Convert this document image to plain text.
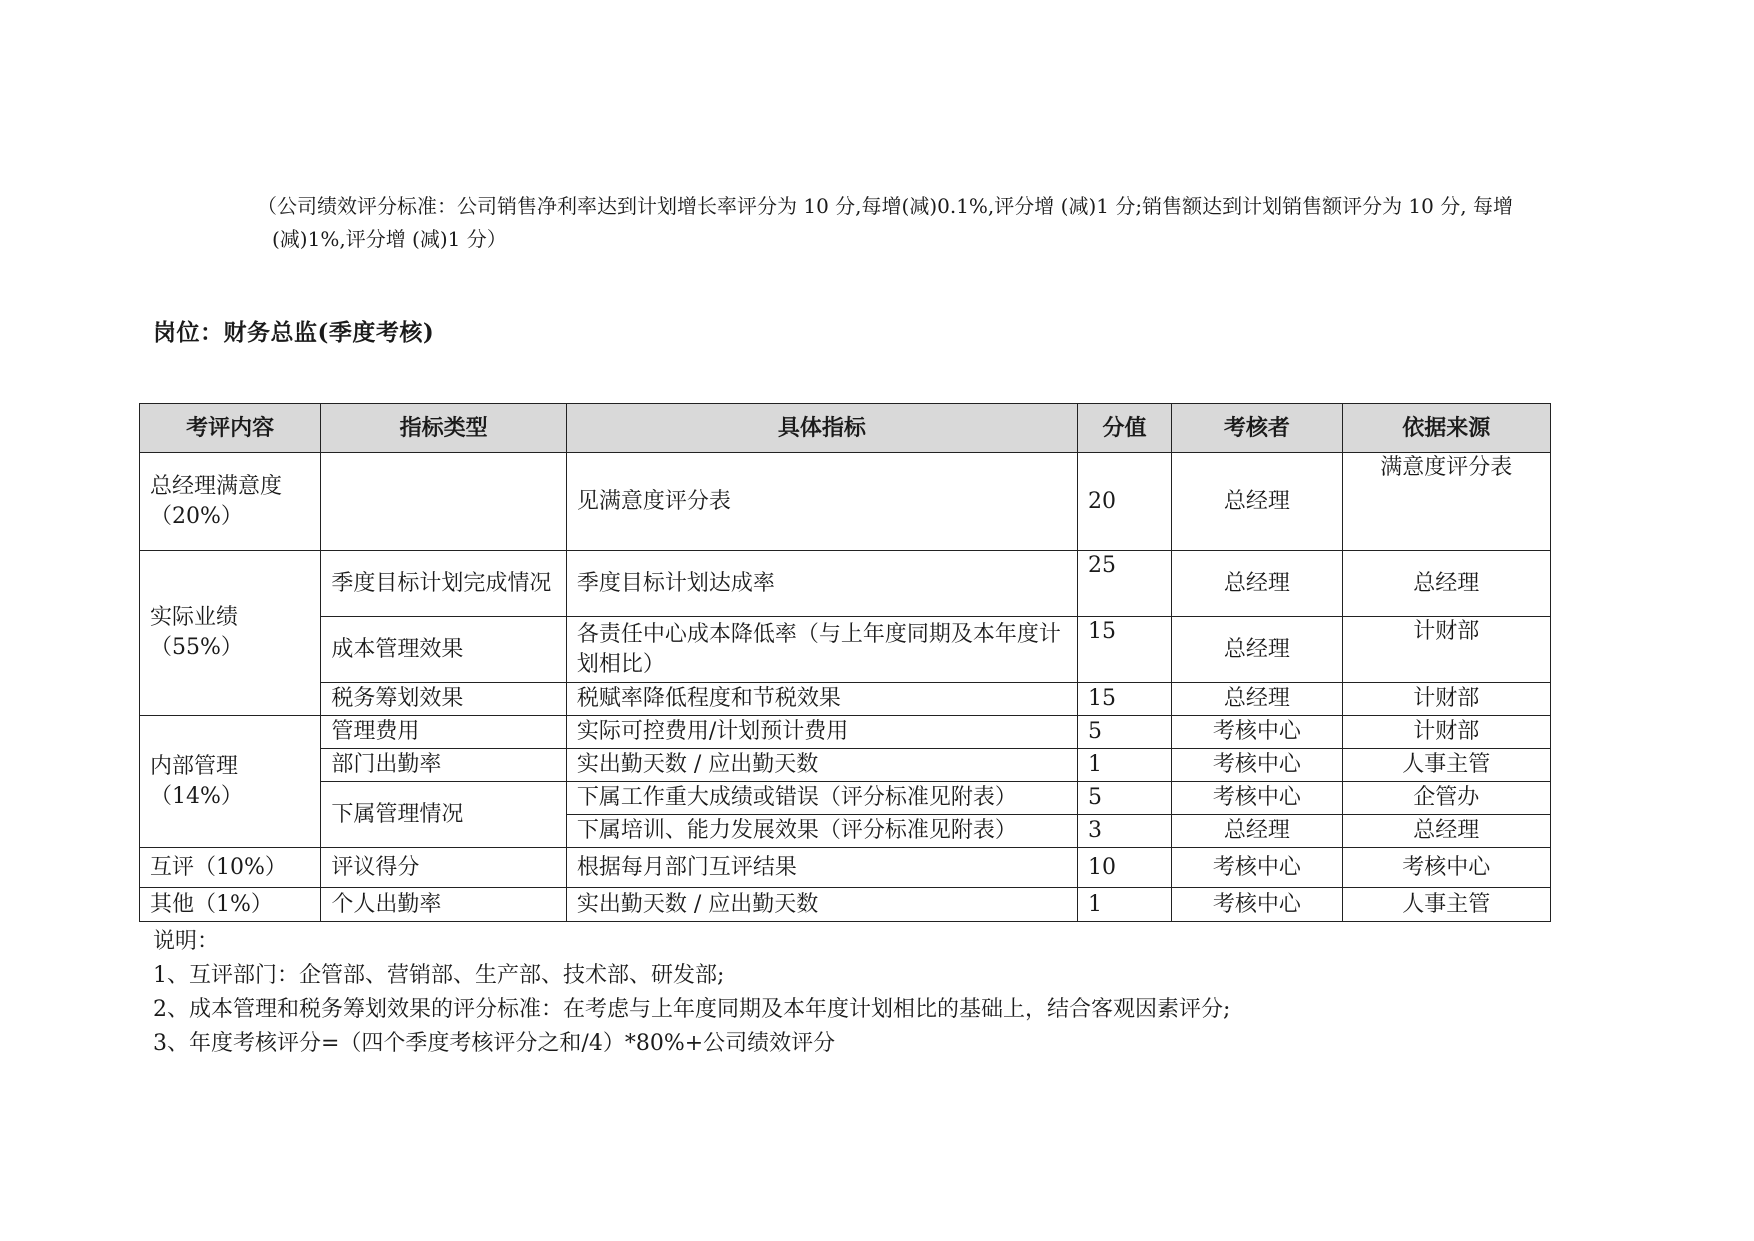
（公司绩效评分标准：公司销售净利率达到计划增长率评分为 10 分,每增(减)0.1%,评分增 (减)1 分;销售额达到计划销售额评分为 10 分, 每增
(减)1%,评分增 (减)1 分）
岗位：财务总监(季度考核)
考评内容	指标类型	具体指标	分值	考核者	依据来源
总经理满意度（20%）		见满意度评分表	20	总经理	满意度评分表
实际业绩（55%）	季度目标计划完成情况	季度目标计划达成率	25	总经理	总经理
	成本管理效果	各责任中心成本降低率（与上年度同期及本年度计划相比）	15	总经理	计财部
	税务筹划效果	税赋率降低程度和节税效果	15	总经理	计财部
内部管理（14%）	管理费用	实际可控费用/计划预计费用	5	考核中心	计财部
	部门出勤率	实出勤天数 / 应出勤天数	1	考核中心	人事主管
	下属管理情况	下属工作重大成绩或错误（评分标准见附表）	5	考核中心	企管办
		下属培训、能力发展效果（评分标准见附表）	3	总经理	总经理
互评（10%）	评议得分	根据每月部门互评结果	10	考核中心	考核中心
其他（1%）	个人出勤率	实出勤天数 / 应出勤天数	1	考核中心	人事主管
说明：
1、互评部门：企管部、营销部、生产部、技术部、研发部;
2、成本管理和税务筹划效果的评分标准：在考虑与上年度同期及本年度计划相比的基础上，结合客观因素评分;
3、年度考核评分=（四个季度考核评分之和/4）*80%+公司绩效评分
